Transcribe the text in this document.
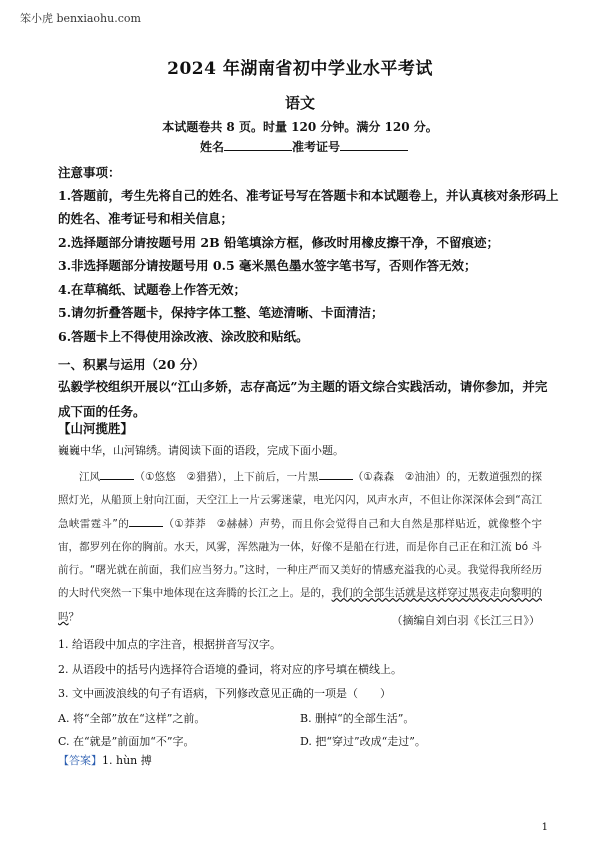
笨小虎 benxiaohu.com
2024 年湖南省初中学业水平考试
语文
本试题卷共 8 页。时量 120 分钟。满分 120 分。
姓名	准考证号
注意事项：
1.答题前，考生先将自己的姓名、准考证号写在答题卡和本试题卷上，并认真核对条形码上
的姓名、准考证号和相关信息；
2.选择题部分请按题号用 2B 铅笔填涂方框，修改时用橡皮擦干净，不留痕迹；
3.非选择题部分请按题号用 0.5 毫米黑色墨水签字笔书写，否则作答无效；
4.在草稿纸、试题卷上作答无效；
5.请勿折叠答题卡，保持字体工整、笔迹清晰、卡面清洁；
6.答题卡上不得使用涂改液、涂改胶和贴纸。
一、积累与运用（20 分）
弘毅学校组织开展以“江山多娇，志存高远”为主题的语文综合实践活动，请你参加，并完成下面的任务。
【山河揽胜】
巍巍中华，山河锦绣。请阅读下面的语段，完成下面小题。

江风	（①悠悠　②猎猎），上下前后，一片黑	（①森森　②油油）的，无数道强烈的探照灯光，从船顶上射向江面，天空江上一片云雾迷蒙，电光闪闪，风声水声，不但让你深深体会到“高江急峡雷霆斗”的	（①莽莽　②赫赫）声势，而且你会觉得自己和大自然是那样贴近，就像整个宇宙，都罗列在你的胸前。水天，风雾，浑然融为一体，好像不是船在行进，而是你自己正在和江流 bó 斗前行。“曙光就在前面，我们应当努力。”这时，一种庄严而又美好的情感充溢我的心灵。我觉得我所经历的大时代突然一下集中地体现在这奔腾的长江之上。是的，我们的全部生活就是这样穿过黑夜走向黎明的吗？	（摘编自刘白羽《长江三日》）
1. 给语段中加点的字注音，根据拼音写汉字。
2. 从语段中的括号内选择符合语境的叠词，将对应的序号填在横线上。
3. 文中画波浪线的句子有语病，下列修改意见正确的一项是（　　）
A. 将“全部”放在“这样”之前。	B. 删掉“的全部生活”。
C. 在“就是”前面加“不”字。	D. 把“穿过”改成“走过”。
【答案】1. hùn 搏
1
